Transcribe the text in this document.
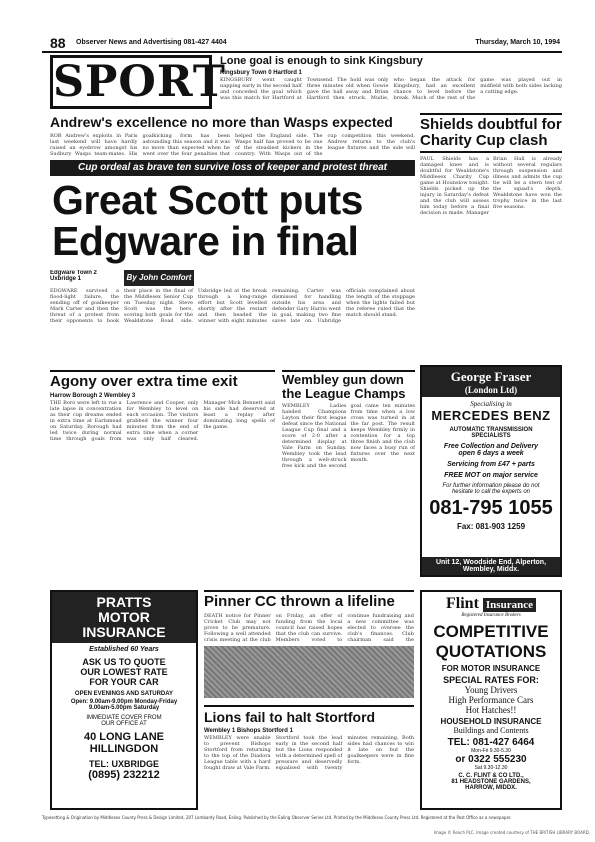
88 Observer News and Advertising 081-427 4404	Thursday, March 10, 1994
SPORT
Lone goal is enough to sink Kingsbury
Kingsbury Town 0 Hartford 1
KINGSBURY went caught napping early in the second half and conceded the goal which was this match for Hartford at Townsend. The hold was only three minutes old when Gowie gave the ball away and Brian Hartford then struck. Mudie, who began the attack for Kingsbury, had an excellent chance to level before the break. Much of the rest of the game was played out in midfield with both sides lacking a cutting edge.
Andrew's excellence no more than Wasps expected
ROB Andrew's exploits in Paris last weekend will have hardly raised an eyebrow amongst his Sudbury Wasps team-mates. His goalkicking form has been astounding this season and it was no more than expected when he went over the four penalties that helped the England side. The Wasps half has proved to be one of the steadiest kickers in the country. With Wasps out of the cup competition this weekend, Andrew returns to the club's league fixtures and the side will
Shields doubtful for Charity Cup clash
PAUL Shields has a damaged knee and is doubtful for Wealdstone's Middlesex Charity Cup game at Hounslow tonight. Shields picked up the injury in Saturday's defeat and the club will assess him today before a final decision is made. Manager Brian Hall is already without several regulars through suspension and illness and admits the cup tie will be a stern test of the squad's depth. Wealdstone have won the trophy twice in the last five seasons.
Cup ordeal as brave ten survive loss of keeper and protest threat
Great Scott puts Edgware in final
Edgware Town 2 Uxbridge 1	By John Comfort
EDGWARE survived a flood-light failure, the sending off of goalkeeper Mark Carter and then the threat of a protest from their opponents to book their place in the final of the Middlesex Senior Cup on Tuesday night. Steve Scott was the hero, scoring both goals for the Wealdstone Road side. Uxbridge led at the break through a long-range effort but Scott levelled shortly after the restart and then headed the winner with eight minutes remaining. Carter was dismissed for handling outside his area and defender Gary Harris went in goal, making two fine saves late on. Uxbridge officials complained about the length of the stoppage when the lights failed but the referee ruled that the match should stand.
Agony over extra time exit
Harrow Borough 2 Wembley 3
THE Boro were left to rue a late lapse in concentration as their cup dreams ended in extra time at Earlsmead on Saturday. Borough had led twice during normal time through goals from Lawrence and Cooper, only for Wembley to level on each occasion. The visitors grabbed the winner four minutes from the end of extra time when a corner was only half cleared. Manager Mick Bennett said his side had deserved at least a replay after dominating long spells of the game.
Wembley gun down the League Champs
WEMBLEY Ladies handed Champions Leyton their first league defeat since the National League Cup final and a score of 2-0 after a determined display at Vale Farm on Sunday. Wembley took the lead through a well-struck free kick and the second goal came ten minutes from time when a low cross was turned in at the far post. The result keeps Wembley firmly in contention for a top three finish and the club now faces a busy run of fixtures over the next month.
George Fraser
(London Ltd)
Specialising in
MERCEDES BENZ
AUTOMATIC TRANSMISSION
SPECIALISTS
Free Collection and Delivery
open 6 days a week
Servicing from £47 + parts
FREE MOT on major service
For further information please do not
hesitate to call the experts on
081-795 1055
Fax: 081-903 1259
Unit 12, Woodside End, Alperton, Wembley, Middx.
PRATTS
MOTOR
INSURANCE
Established 60 Years
ASK US TO QUOTE
OUR LOWEST RATE
FOR YOUR CAR
OPEN EVENINGS AND SATURDAY
Open: 9.00am-9.00pm Monday-Friday
9.00am-5.00pm Saturday
IMMEDIATE COVER FROM
OUR OFFICE AT
40 LONG LANE
HILLINGDON
TEL: UXBRIDGE
(0895) 232212
Pinner CC thrown a lifeline
DEATH notice for Pinner Cricket Club may not prove to be premature. Following a well attended crisis meeting at the club on Friday, an offer of funding from the local council has raised hopes that the club can survive. Members voted to continue fundraising and a new committee was elected to oversee the club's finances. Club chairman said the
Lions fail to halt Stortford
Wembley 1 Bishops Stortford 1
WEMBLEY were unable to prevent Bishops Stortford from returning to the top of the Diadora League table with a hard fought draw at Vale Farm. Stortford took the lead early in the second half but the Lions responded with a determined spell of pressure and deservedly equalised with twenty minutes remaining. Both sides had chances to win it late on but the goalkeepers were in fine form.
Flint Insurance
Registered Insurance Brokers
COMPETITIVE
QUOTATIONS
FOR MOTOR INSURANCE
SPECIAL RATES FOR:
Young Drivers
High Performance Cars
Hot Hatches!!
HOUSEHOLD INSURANCE
Buildings and Contents
TEL: 081-427 6464
Mon-Fri 9.30-5.30
or 0322 555230
Sat 9.30-12.30
C. C. FLINT & CO LTD.,
81 HEADSTONE GARDENS,
HARROW, MIDDX.
Typesetting & Origination by Middlesex County Press & Design Limited, 207 Lombardy Road, Ealing. Published by the Ealing Observer Series Ltd. Printed by the Middlesex County Press Ltd. Registered at the Post Office as a newspaper.
Image © Reach PLC. Image created courtesy of THE BRITISH LIBRARY BOARD.
